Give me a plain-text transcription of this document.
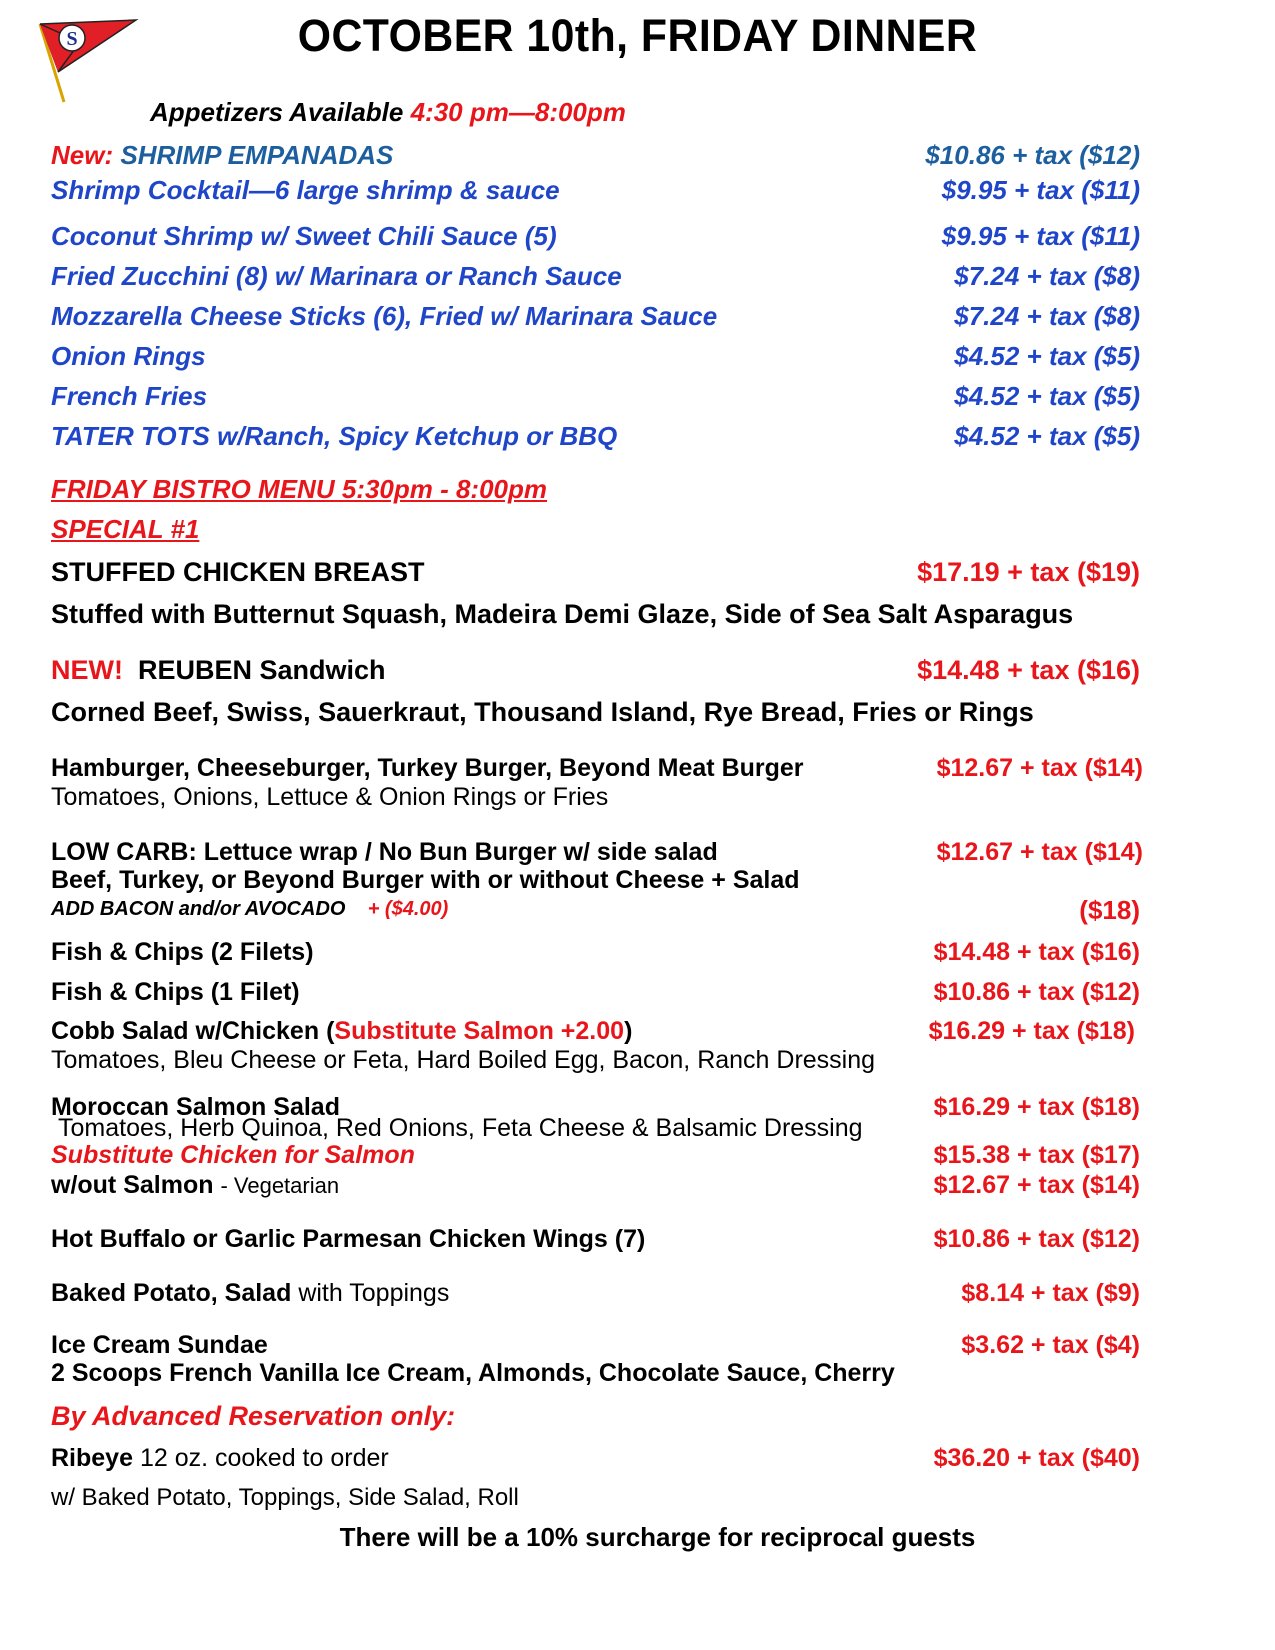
S	OCTOBER 10th, FRIDAY DINNER
Appetizers Available 4:30 pm—8:00pm
New: SHRIMP EMPANADAS	$10.86 + tax ($12)
Shrimp Cocktail—6 large shrimp & sauce	$9.95 + tax ($11)
Coconut Shrimp w/ Sweet Chili Sauce (5)	$9.95 + tax ($11)
Fried Zucchini (8) w/ Marinara or Ranch Sauce	$7.24 + tax ($8)
Mozzarella Cheese Sticks (6), Fried w/ Marinara Sauce	$7.24 + tax ($8)
Onion Rings	$4.52 + tax ($5)
French Fries	$4.52 + tax ($5)
TATER TOTS w/Ranch, Spicy Ketchup or BBQ	$4.52 + tax ($5)
FRIDAY BISTRO MENU 5:30pm - 8:00pm
SPECIAL #1
STUFFED CHICKEN BREAST	$17.19 + tax ($19)
Stuffed with Butternut Squash, Madeira Demi Glaze, Side of Sea Salt Asparagus
NEW! REUBEN Sandwich	$14.48 + tax ($16)
Corned Beef, Swiss, Sauerkraut, Thousand Island, Rye Bread, Fries or Rings
Hamburger, Cheeseburger, Turkey Burger, Beyond Meat Burger	$12.67 + tax ($14)
Tomatoes, Onions, Lettuce & Onion Rings or Fries
LOW CARB: Lettuce wrap / No Bun Burger w/ side salad	$12.67 + tax ($14)
Beef, Turkey, or Beyond Burger with or without Cheese + Salad
ADD BACON and/or AVOCADO + ($4.00)	($18)
Fish & Chips (2 Filets)	$14.48 + tax ($16)
Fish & Chips (1 Filet)	$10.86 + tax ($12)
Cobb Salad w/Chicken (Substitute Salmon +2.00)	$16.29 + tax ($18)
Tomatoes, Bleu Cheese or Feta, Hard Boiled Egg, Bacon, Ranch Dressing
Moroccan Salmon Salad	$16.29 + tax ($18)
Tomatoes, Herb Quinoa, Red Onions, Feta Cheese & Balsamic Dressing
Substitute Chicken for Salmon	$15.38 + tax ($17)
w/out Salmon - Vegetarian	$12.67 + tax ($14)
Hot Buffalo or Garlic Parmesan Chicken Wings (7)	$10.86 + tax ($12)
Baked Potato, Salad with Toppings	$8.14 + tax ($9)
Ice Cream Sundae	$3.62 + tax ($4)
2 Scoops French Vanilla Ice Cream, Almonds, Chocolate Sauce, Cherry
By Advanced Reservation only:
Ribeye 12 oz. cooked to order	$36.20 + tax ($40)
w/ Baked Potato, Toppings, Side Salad, Roll
There will be a 10% surcharge for reciprocal guests
